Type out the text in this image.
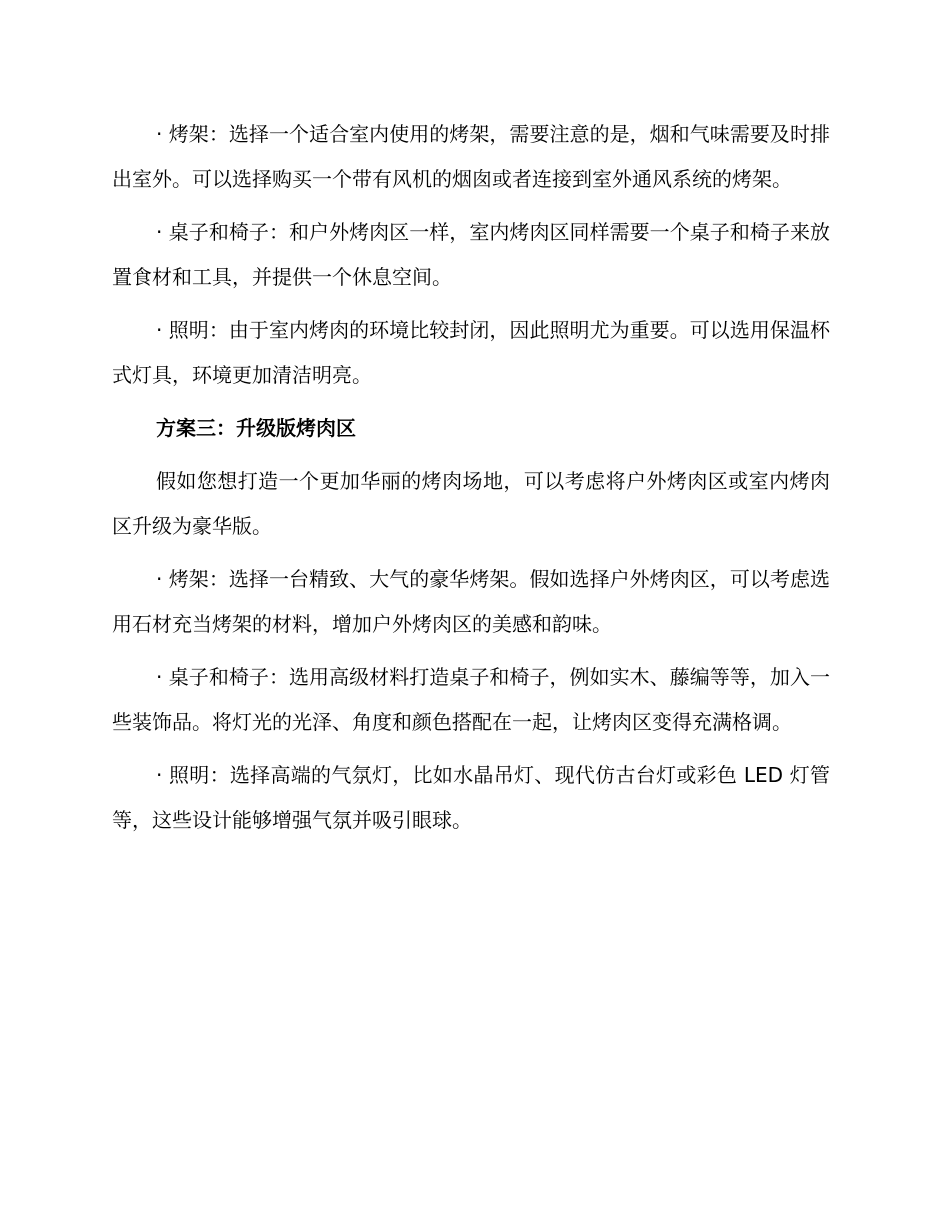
· 烤架：选择一个适合室内使用的烤架，需要注意的是，烟和气味需要及时排出室外。可以选择购买一个带有风机的烟囱或者连接到室外通风系统的烤架。

· 桌子和椅子：和户外烤肉区一样，室内烤肉区同样需要一个桌子和椅子来放置食材和工具，并提供一个休息空间。

· 照明：由于室内烤肉的环境比较封闭，因此照明尤为重要。可以选用保温杯式灯具，环境更加清洁明亮。

方案三：升级版烤肉区

假如您想打造一个更加华丽的烤肉场地，可以考虑将户外烤肉区或室内烤肉区升级为豪华版。

· 烤架：选择一台精致、大气的豪华烤架。假如选择户外烤肉区，可以考虑选用石材充当烤架的材料，增加户外烤肉区的美感和韵味。

· 桌子和椅子：选用高级材料打造桌子和椅子，例如实木、藤编等等，加入一些装饰品。将灯光的光泽、角度和颜色搭配在一起，让烤肉区变得充满格调。

· 照明：选择高端的气氛灯，比如水晶吊灯、现代仿古台灯或彩色 LED 灯管等，这些设计能够增强气氛并吸引眼球。
